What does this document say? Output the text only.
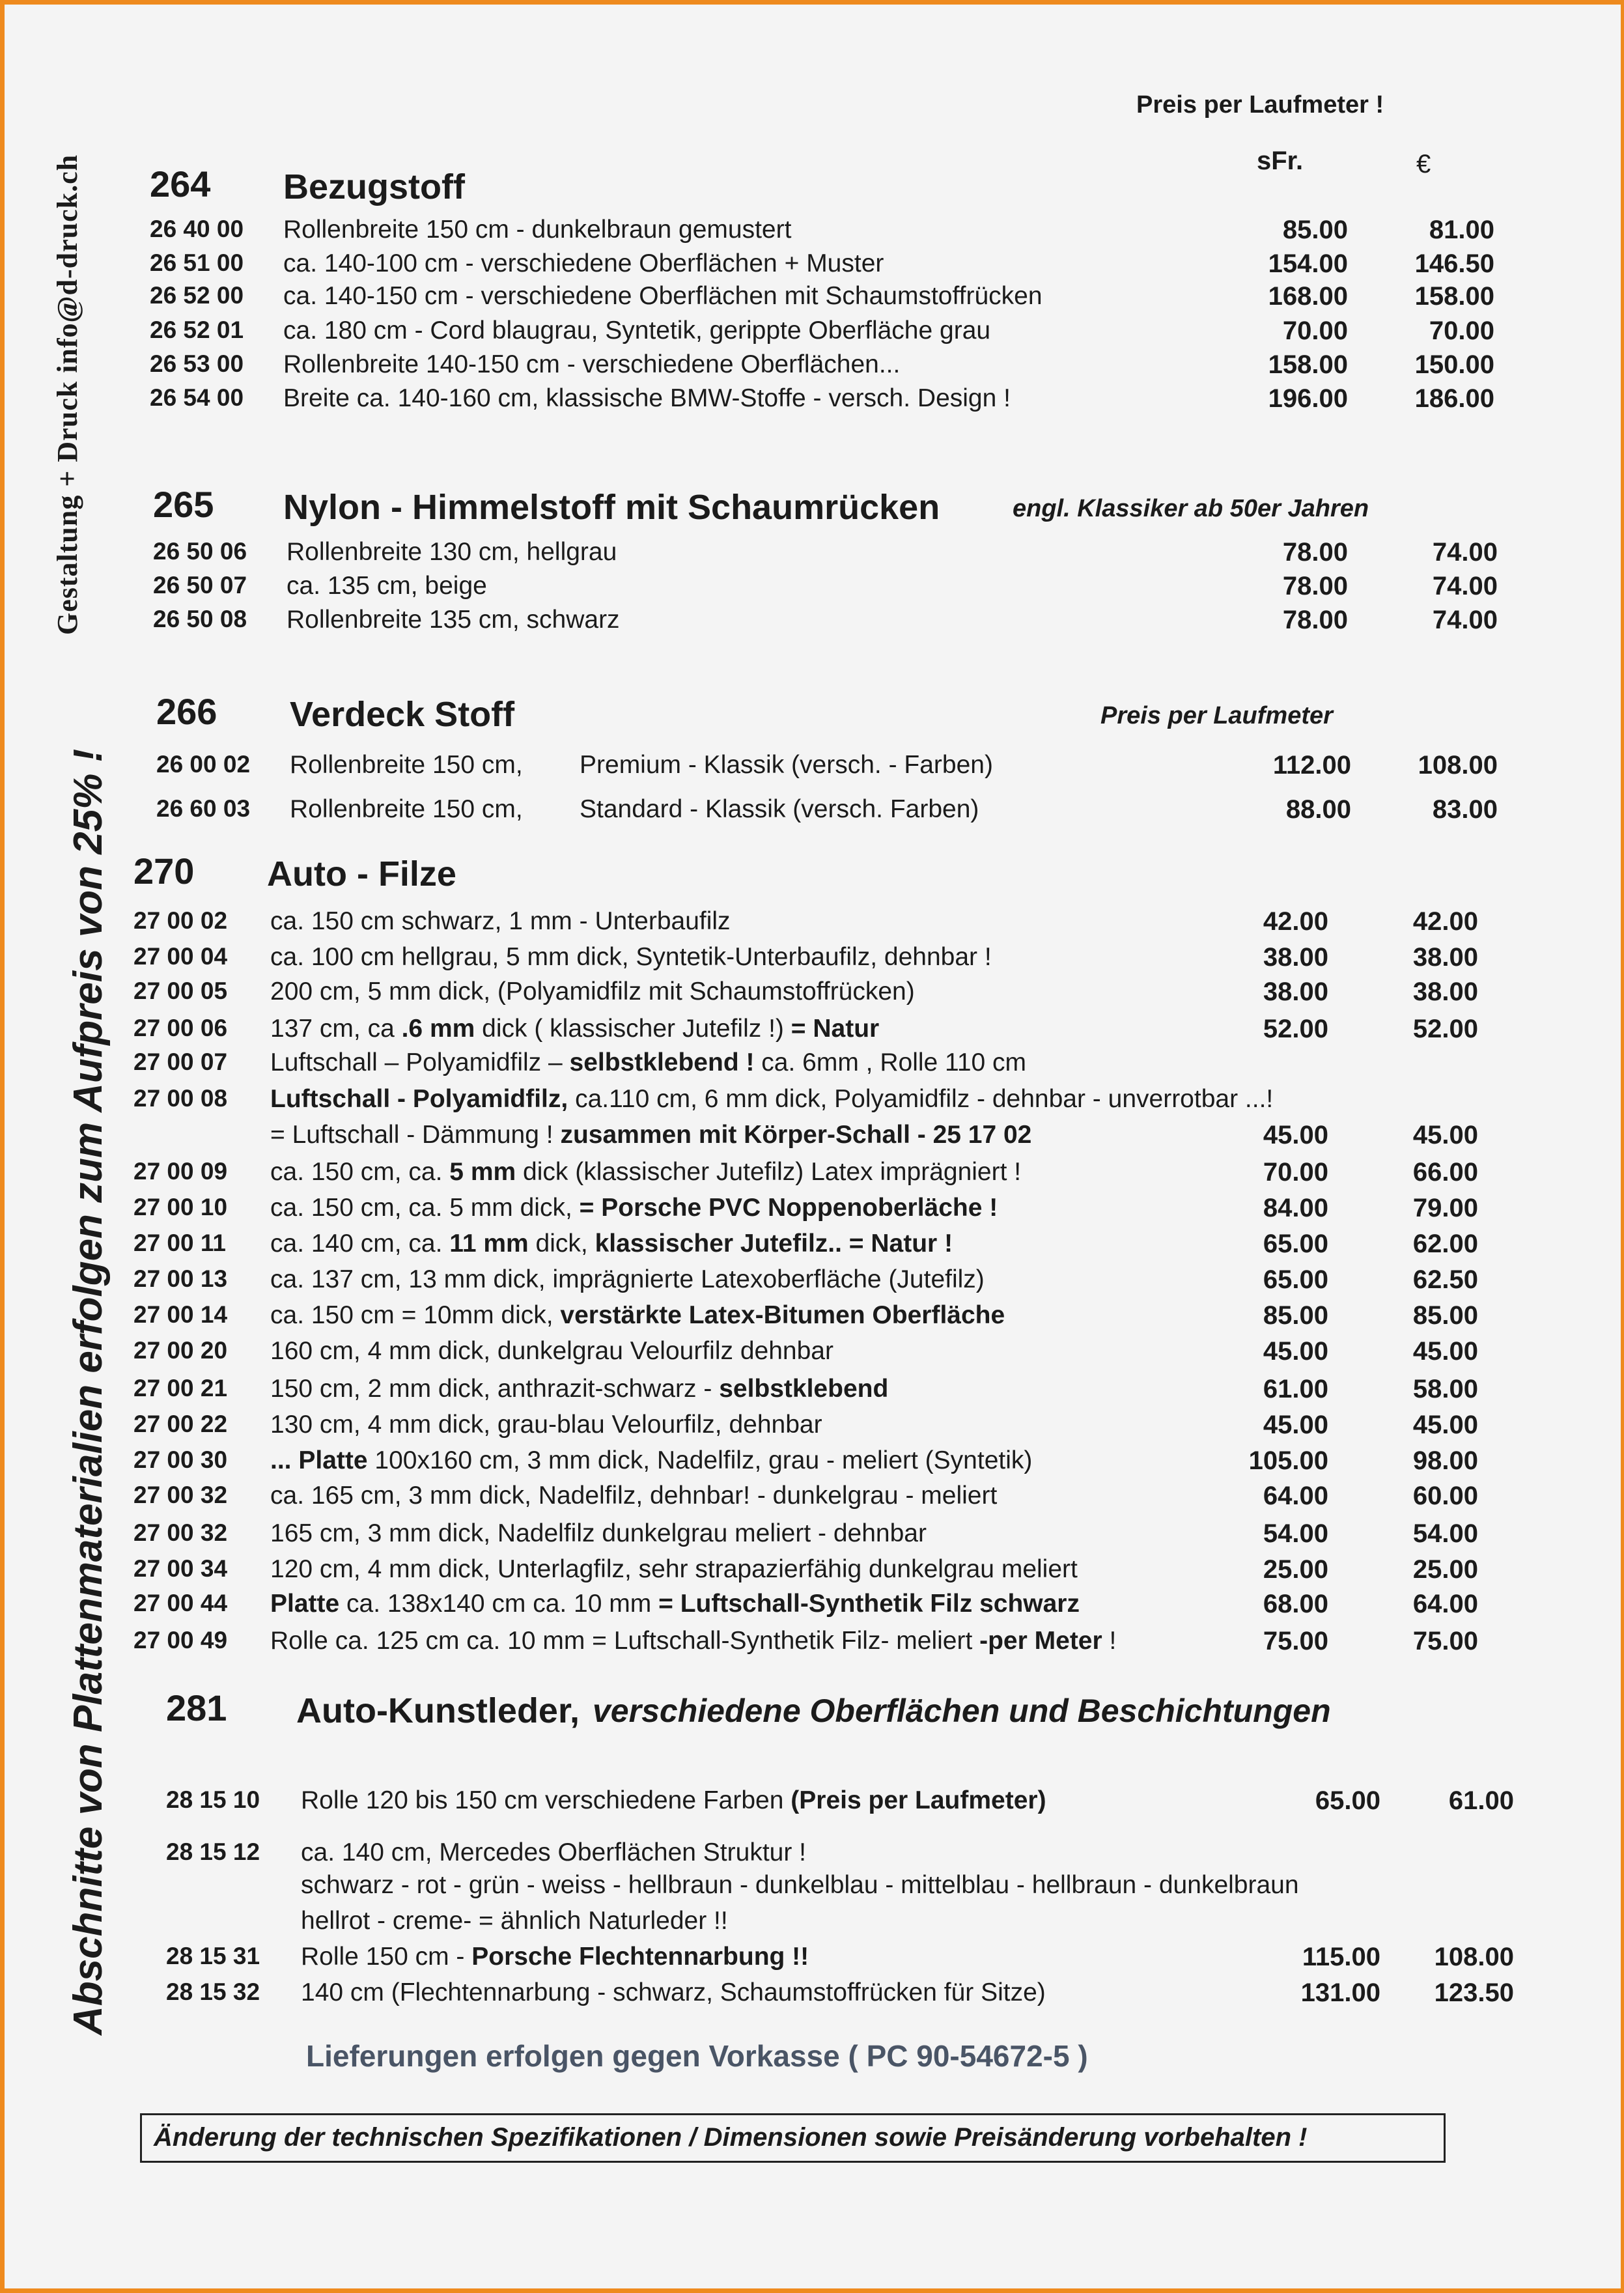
Gestaltung + Druck info@d-druck.ch
Abschnitte von Plattenmaterialien erfolgen zum Aufpreis von 25% !
Preis per Laufmeter !
sFr.	€
264 Bezugstoff
26 40 00 Rollenbreite 150 cm - dunkelbraun gemustert	85.00	81.00
26 51 00 ca. 140-100 cm - verschiedene Oberflächen + Muster	154.00	146.50
26 52 00 ca. 140-150 cm - verschiedene Oberflächen mit Schaumstoffrücken	168.00	158.00
26 52 01 ca. 180 cm - Cord blaugrau, Syntetik, gerippte Oberfläche grau	70.00	70.00
26 53 00 Rollenbreite 140-150 cm - verschiedene Oberflächen...	158.00	150.00
26 54 00 Breite ca. 140-160 cm, klassische BMW-Stoffe - versch. Design !	196.00	186.00
265 Nylon - Himmelstoff mit Schaumrücken	engl. Klassiker ab 50er Jahren
26 50 06 Rollenbreite 130 cm, hellgrau	78.00	74.00
26 50 07 ca. 135 cm, beige	78.00	74.00
26 50 08 Rollenbreite 135 cm, schwarz	78.00	74.00
266 Verdeck Stoff	Preis per Laufmeter
26 00 02 Rollenbreite 150 cm, Premium - Klassik (versch. - Farben)	112.00	108.00
26 60 03 Rollenbreite 150 cm, Standard - Klassik (versch. Farben)	88.00	83.00
270 Auto - Filze
27 00 02 ca. 150 cm schwarz, 1 mm - Unterbaufilz	42.00	42.00
27 00 04 ca. 100 cm hellgrau, 5 mm dick, Syntetik-Unterbaufilz, dehnbar !	38.00	38.00
27 00 05 200 cm, 5 mm dick, (Polyamidfilz mit Schaumstoffrücken)	38.00	38.00
27 00 06 137 cm, ca .6 mm dick ( klassischer Jutefilz !) = Natur	52.00	52.00
27 00 07 Luftschall – Polyamidfilz – selbstklebend ! ca. 6mm , Rolle 110 cm
27 00 08 Luftschall - Polyamidfilz, ca.110 cm, 6 mm dick, Polyamidfilz - dehnbar - unverrotbar ...!
= Luftschall - Dämmung ! zusammen mit Körper-Schall - 25 17 02	45.00	45.00
27 00 09 ca. 150 cm, ca. 5 mm dick (klassischer Jutefilz) Latex imprägniert !	70.00	66.00
27 00 10 ca. 150 cm, ca. 5 mm dick, = Porsche PVC Noppenoberläche !	84.00	79.00
27 00 11 ca. 140 cm, ca. 11 mm dick, klassischer Jutefilz.. = Natur !	65.00	62.00
27 00 13 ca. 137 cm, 13 mm dick, imprägnierte Latexoberfläche (Jutefilz)	65.00	62.50
27 00 14 ca. 150 cm = 10mm dick, verstärkte Latex-Bitumen Oberfläche	85.00	85.00
27 00 20 160 cm, 4 mm dick, dunkelgrau Velourfilz dehnbar	45.00	45.00
27 00 21 150 cm, 2 mm dick, anthrazit-schwarz - selbstklebend	61.00	58.00
27 00 22 130 cm, 4 mm dick, grau-blau Velourfilz, dehnbar	45.00	45.00
27 00 30 ... Platte 100x160 cm, 3 mm dick, Nadelfilz, grau - meliert (Syntetik)	105.00	98.00
27 00 32 ca. 165 cm, 3 mm dick, Nadelfilz, dehnbar! - dunkelgrau - meliert	64.00	60.00
27 00 32 165 cm, 3 mm dick, Nadelfilz dunkelgrau meliert - dehnbar	54.00	54.00
27 00 34 120 cm, 4 mm dick, Unterlagfilz, sehr strapazierfähig dunkelgrau meliert	25.00	25.00
27 00 44 Platte ca. 138x140 cm ca. 10 mm = Luftschall-Synthetik Filz schwarz	68.00	64.00
27 00 49 Rolle ca. 125 cm ca. 10 mm = Luftschall-Synthetik Filz- meliert -per Meter !	75.00	75.00
281 Auto-Kunstleder, verschiedene Oberflächen und Beschichtungen
28 15 10 Rolle 120 bis 150 cm verschiedene Farben (Preis per Laufmeter)	65.00	61.00
28 15 12 ca. 140 cm, Mercedes Oberflächen Struktur !
schwarz - rot - grün - weiss - hellbraun - dunkelblau - mittelblau - hellbraun - dunkelbraun
hellrot - creme- = ähnlich Naturleder !!
28 15 31 Rolle 150 cm - Porsche Flechtennarbung !!	115.00	108.00
28 15 32 140 cm (Flechtennarbung - schwarz, Schaumstoffrücken für Sitze)	131.00	123.50
Lieferungen erfolgen gegen Vorkasse ( PC 90-54672-5 )
Änderung der technischen Spezifikationen / Dimensionen sowie Preisänderung vorbehalten !
